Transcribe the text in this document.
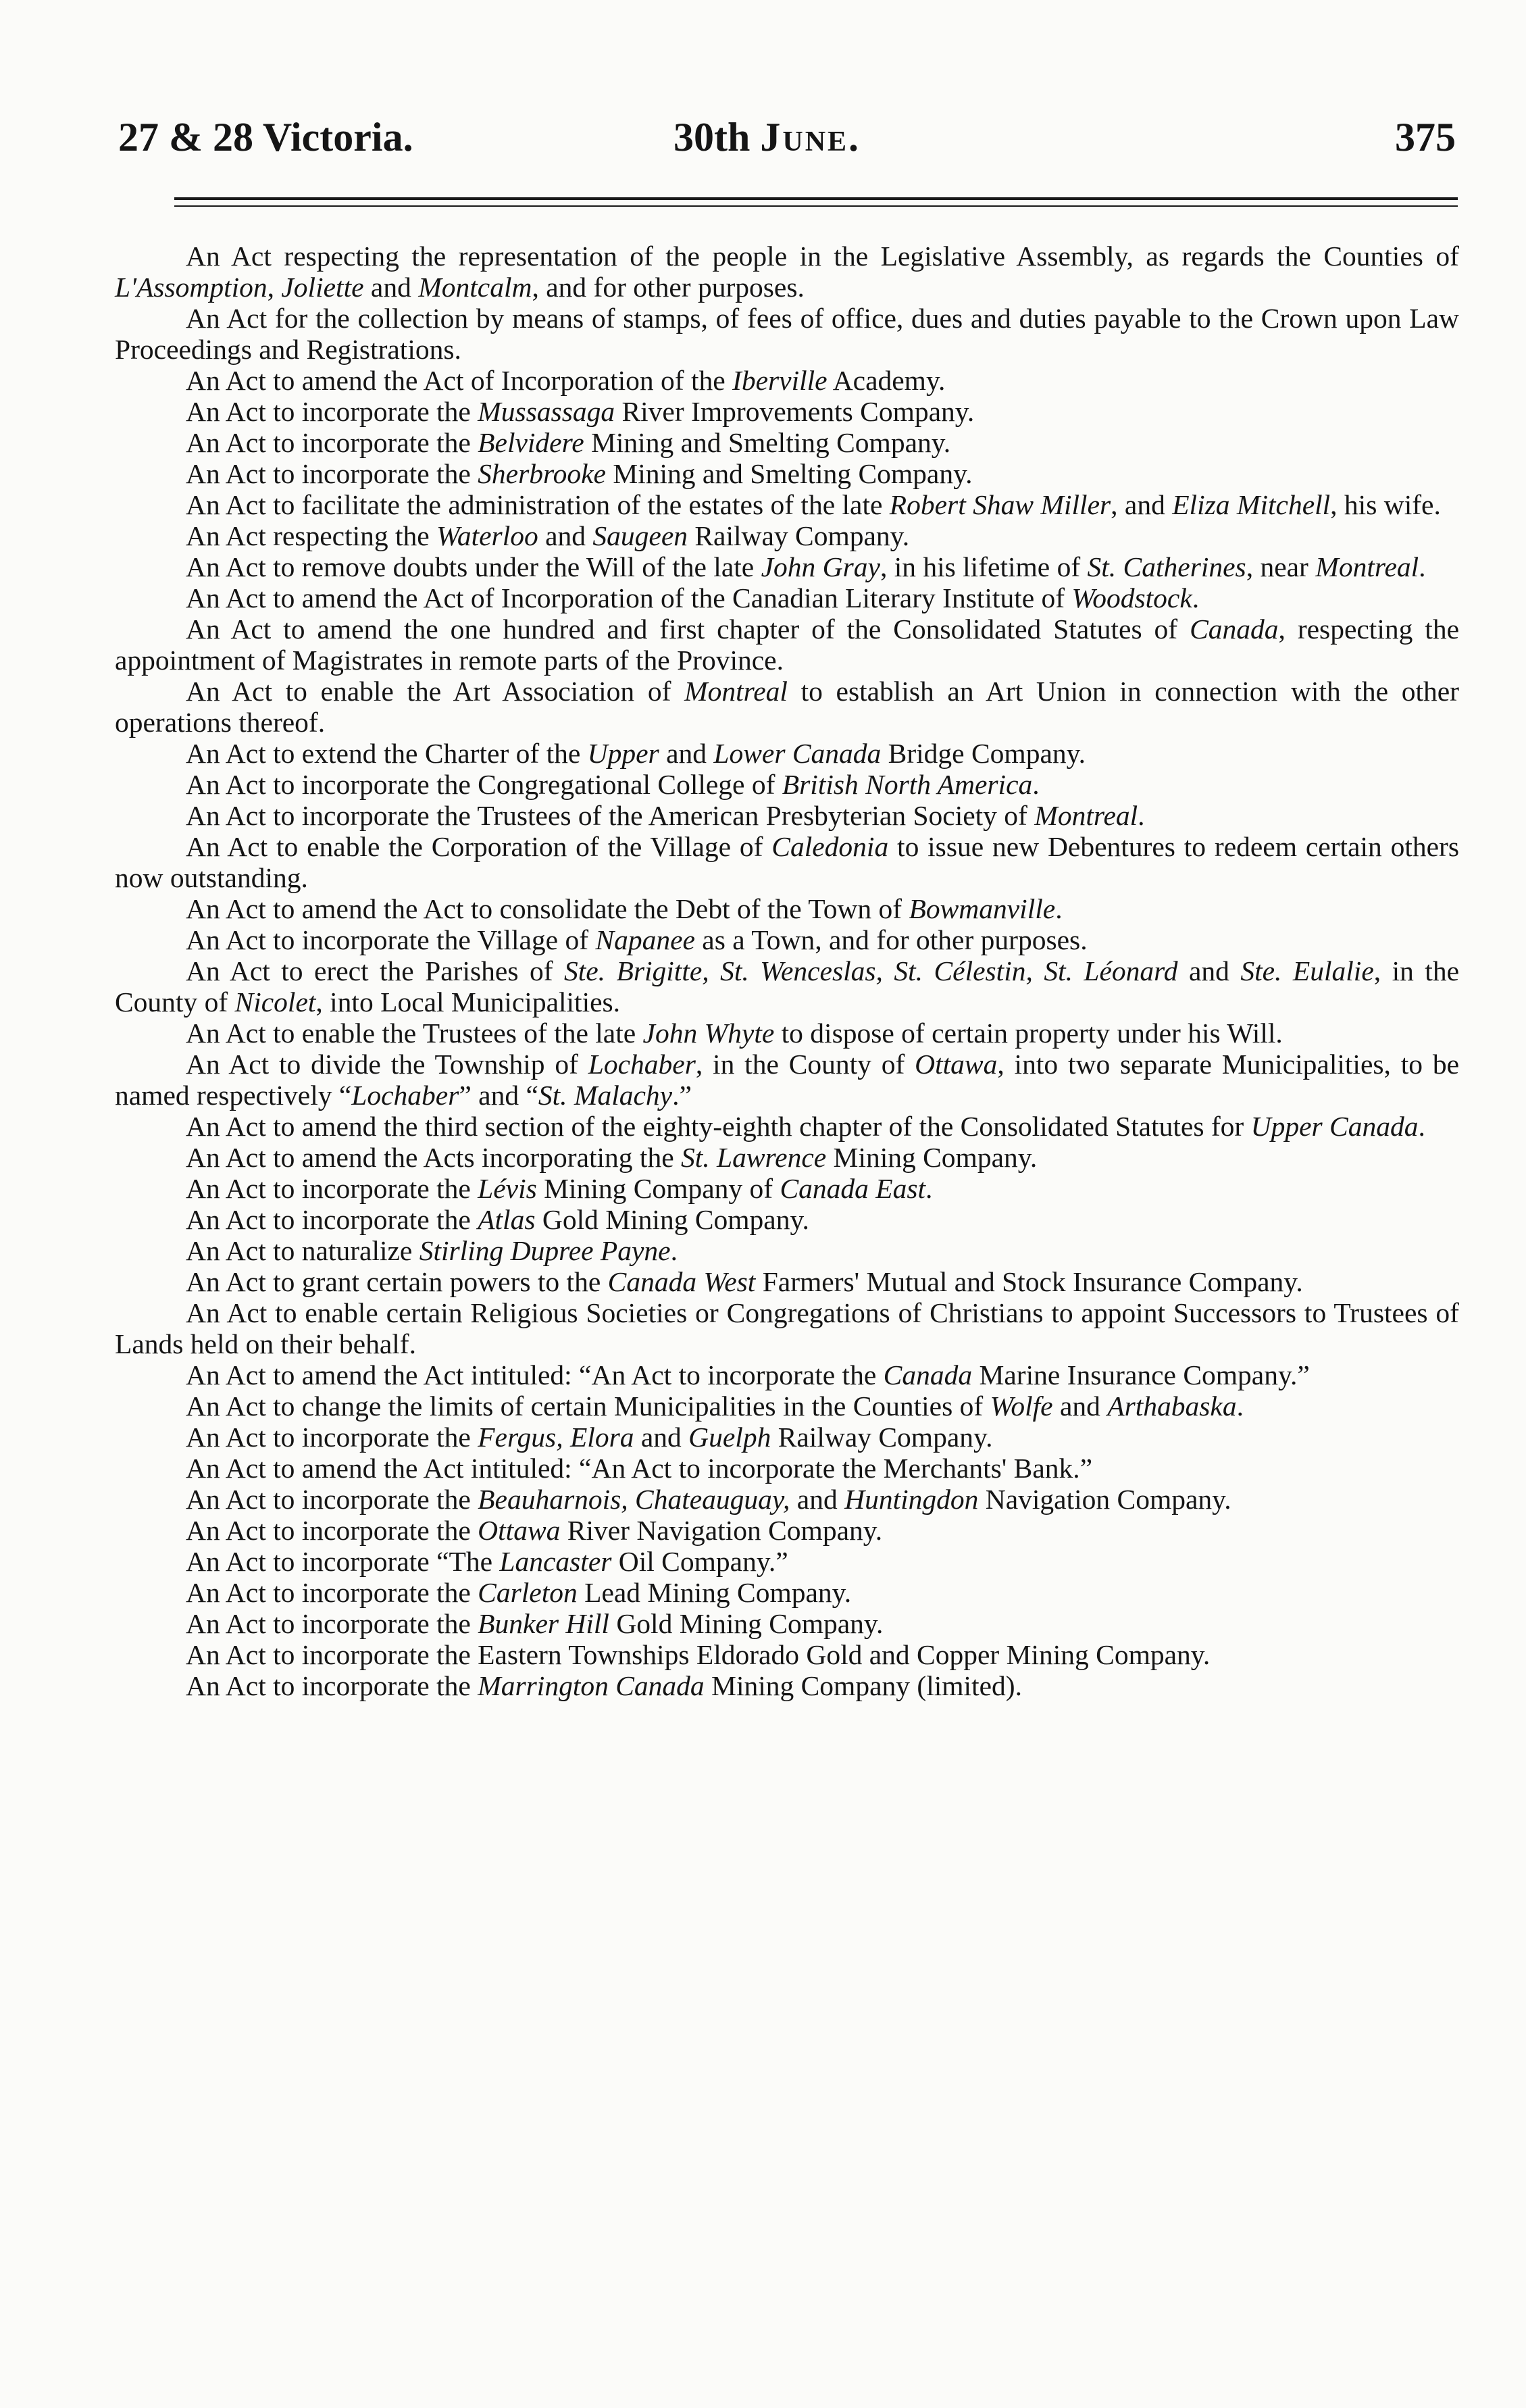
27 & 28 Victoria.	30th June.	375

An Act respecting the representation of the people in the Legislative Assembly, as regards the Counties of L'Assomption, Joliette and Montcalm, and for other purposes.

An Act for the collection by means of stamps, of fees of office, dues and duties payable to the Crown upon Law Proceedings and Registrations.

An Act to amend the Act of Incorporation of the Iberville Academy.

An Act to incorporate the Mussassaga River Improvements Company.

An Act to incorporate the Belvidere Mining and Smelting Company.

An Act to incorporate the Sherbrooke Mining and Smelting Company.

An Act to facilitate the administration of the estates of the late Robert Shaw Miller, and Eliza Mitchell, his wife.

An Act respecting the Waterloo and Saugeen Railway Company.

An Act to remove doubts under the Will of the late John Gray, in his lifetime of St. Catherines, near Montreal.

An Act to amend the Act of Incorporation of the Canadian Literary Institute of Woodstock.

An Act to amend the one hundred and first chapter of the Consolidated Statutes of Canada, respecting the appointment of Magistrates in remote parts of the Province.

An Act to enable the Art Association of Montreal to establish an Art Union in connection with the other operations thereof.

An Act to extend the Charter of the Upper and Lower Canada Bridge Company.

An Act to incorporate the Congregational College of British North America.

An Act to incorporate the Trustees of the American Presbyterian Society of Montreal.

An Act to enable the Corporation of the Village of Caledonia to issue new Debentures to redeem certain others now outstanding.

An Act to amend the Act to consolidate the Debt of the Town of Bowmanville.

An Act to incorporate the Village of Napanee as a Town, and for other purposes.

An Act to erect the Parishes of Ste. Brigitte, St. Wenceslas, St. Célestin, St. Léonard and Ste. Eulalie, in the County of Nicolet, into Local Municipalities.

An Act to enable the Trustees of the late John Whyte to dispose of certain property under his Will.

An Act to divide the Township of Lochaber, in the County of Ottawa, into two separate Municipalities, to be named respectively “Lochaber” and “St. Malachy.”

An Act to amend the third section of the eighty-eighth chapter of the Consolidated Statutes for Upper Canada.

An Act to amend the Acts incorporating the St. Lawrence Mining Company.

An Act to incorporate the Lévis Mining Company of Canada East.

An Act to incorporate the Atlas Gold Mining Company.

An Act to naturalize Stirling Dupree Payne.

An Act to grant certain powers to the Canada West Farmers' Mutual and Stock Insurance Company.

An Act to enable certain Religious Societies or Congregations of Christians to appoint Successors to Trustees of Lands held on their behalf.

An Act to amend the Act intituled: “An Act to incorporate the Canada Marine Insurance Company.”

An Act to change the limits of certain Municipalities in the Counties of Wolfe and Arthabaska.

An Act to incorporate the Fergus, Elora and Guelph Railway Company.

An Act to amend the Act intituled: “An Act to incorporate the Merchants' Bank.”

An Act to incorporate the Beauharnois, Chateauguay, and Huntingdon Navigation Company.

An Act to incorporate the Ottawa River Navigation Company.

An Act to incorporate “The Lancaster Oil Company.”

An Act to incorporate the Carleton Lead Mining Company.

An Act to incorporate the Bunker Hill Gold Mining Company.

An Act to incorporate the Eastern Townships Eldorado Gold and Copper Mining Company.

An Act to incorporate the Marrington Canada Mining Company (limited).
